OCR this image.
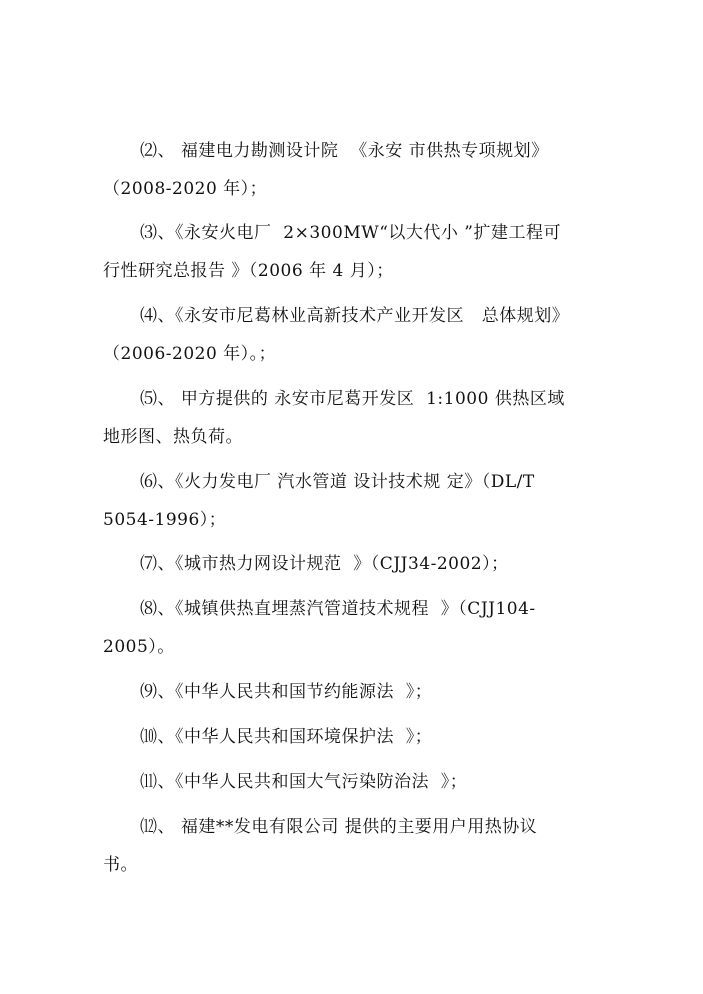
⑵、 福建电力勘测设计院  《永安 市供热专项规划》
（2008-2020 年）；
⑶、《永安火电厂  2×300MW“以大代小 ”扩建工程可
行性研究总报告 》（2006 年 4 月）；
⑷、《永安市尼葛林业高新技术产业开发区   总体规划》
（2006-2020 年）。；
⑸、 甲方提供的 永安市尼葛开发区  1:1000 供热区域
地形图、热负荷。
⑹、《火力发电厂 汽水管道 设计技术规 定》（DL/T
5054-1996）；
⑺、《城市热力网设计规范  》（CJJ34-2002）；
⑻、《城镇供热直埋蒸汽管道技术规程  》（CJJ104-
2005）。
⑼、《中华人民共和国节约能源法  》；
⑽、《中华人民共和国环境保护法  》；
⑾、《中华人民共和国大气污染防治法  》；
⑿、 福建**发电有限公司 提供的主要用户用热协议
书。
